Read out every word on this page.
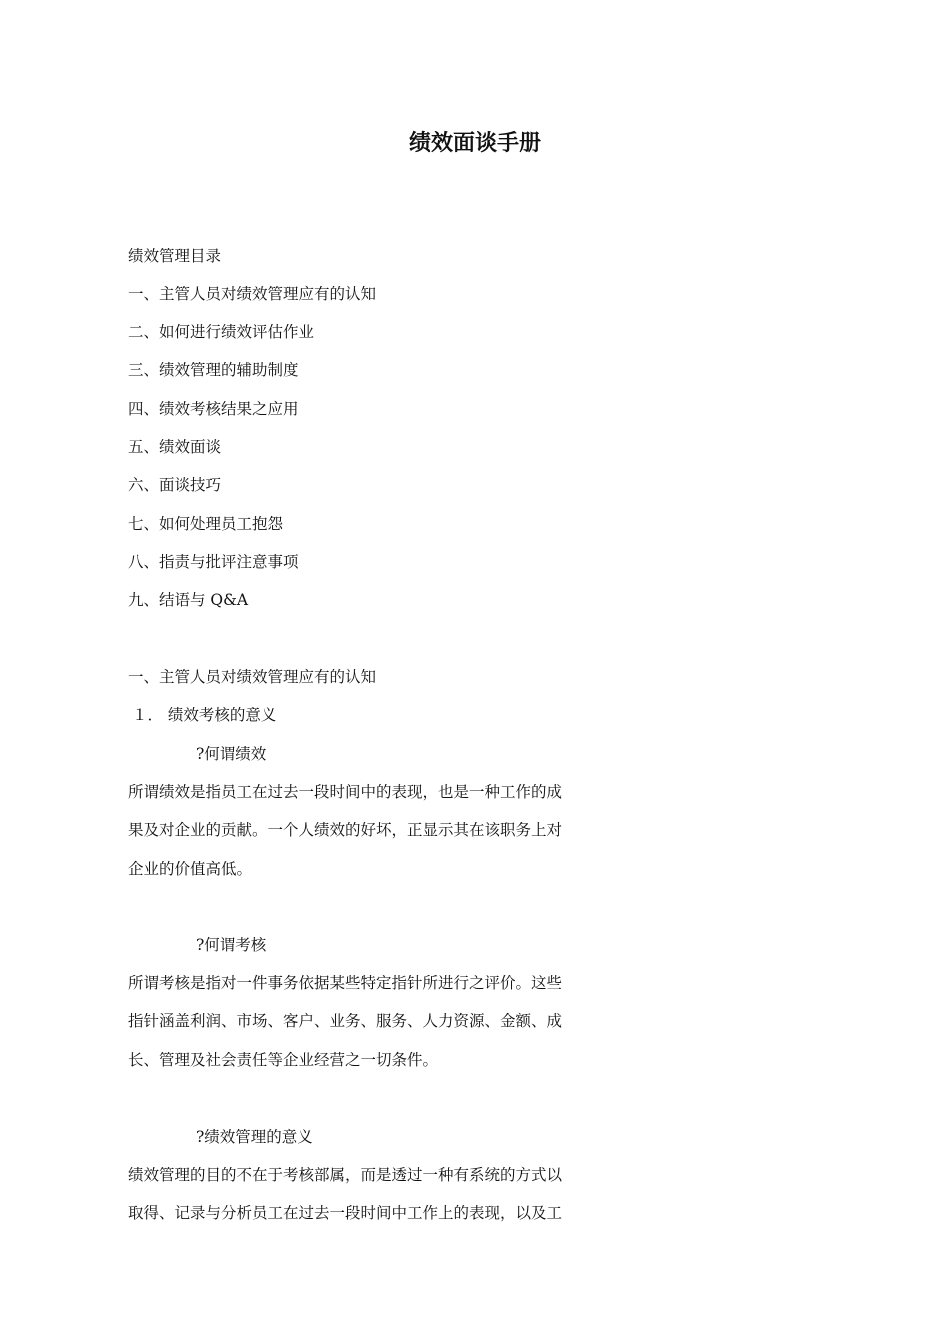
绩效面谈手册

绩效管理目录

一、主管人员对绩效管理应有的认知

二、如何进行绩效评估作业

三、绩效管理的辅助制度

四、绩效考核结果之应用

五、绩效面谈

六、面谈技巧

七、如何处理员工抱怨

八、指责与批评注意事项

九、结语与 Q&A

一、主管人员对绩效管理应有的认知

１． 绩效考核的意义

?何谓绩效

所谓绩效是指员工在过去一段时间中的表现，也是一种工作的成
果及对企业的贡献。一个人绩效的好坏，正显示其在该职务上对
企业的价值高低。

?何谓考核

所谓考核是指对一件事务依据某些特定指针所进行之评价。这些
指针涵盖利润、市场、客户、业务、服务、人力资源、金额、成
长、管理及社会责任等企业经营之一切条件。

?绩效管理的意义

绩效管理的目的不在于考核部属，而是透过一种有系统的方式以
取得、记录与分析员工在过去一段时间中工作上的表现，以及工
